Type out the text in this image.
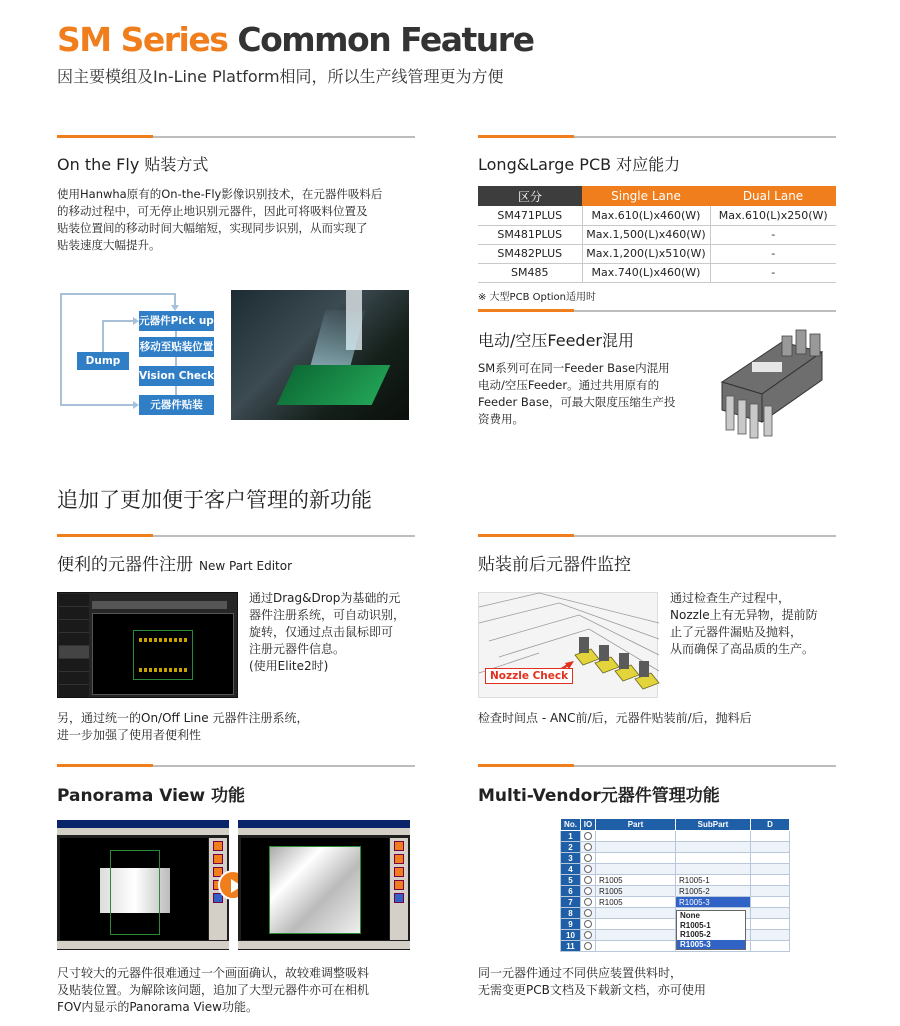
SM Series Common Feature
因主要模组及In-Line Platform相同，所以生产线管理更为方便
On the Fly 贴装方式
使用Hanwha原有的On-the-Fly影像识别技术，在元器件吸料后
的移动过程中，可无停止地识别元器件，因此可将吸料位置及
贴装位置间的移动时间大幅缩短，实现同步识别，从而实现了
贴装速度大幅提升。
Dump
元器件Pick up
移动至贴装位置
Vision Check
元器件贴装
Long&Large PCB 对应能力
区分	Single Lane	Dual Lane
SM471PLUS	Max.610(L)x460(W)	Max.610(L)x250(W)
SM481PLUS	Max.1,500(L)x460(W)	-
SM482PLUS	Max.1,200(L)x510(W)	-
SM485	Max.740(L)x460(W)	-
※ 大型PCB Option适用时
电动/空压Feeder混用
SM系列可在同一Feeder Base内混用
电动/空压Feeder。通过共用原有的
Feeder Base，可最大限度压缩生产投
资费用。
追加了更加便于客户管理的新功能
便利的元器件注册 New Part Editor
通过Drag&Drop为基础的元
器件注册系统，可自动识别，
旋转，仅通过点击鼠标即可
注册元器件信息。
(使用Elite2时)
另，通过统一的On/Off Line 元器件注册系统，
进一步加强了使用者便利性
贴装前后元器件监控
Nozzle Check
通过检查生产过程中，
Nozzle上有无异物，提前防
止了元器件漏贴及抛料，
从而确保了高品质的生产。
检查时间点 - ANC前/后，元器件贴装前/后，抛料后
Panorama View 功能
尺寸较大的元器件很难通过一个画面确认，故较难调整吸料
及贴装位置。为解除该问题，追加了大型元器件亦可在相机
FOV内显示的Panorama View功能。
Multi-Vendor元器件管理功能
No.	IO	Part	SubPart	D
1				
2				
3				
4				
5		R1005	R1005-1	
6		R1005	R1005-2	
7		R1005	R1005-3	
8				
9				
10				
11				
None
R1005-1
R1005-2
R1005-3
同一元器件通过不同供应装置供料时，
无需变更PCB文档及下载新文档，亦可使用
